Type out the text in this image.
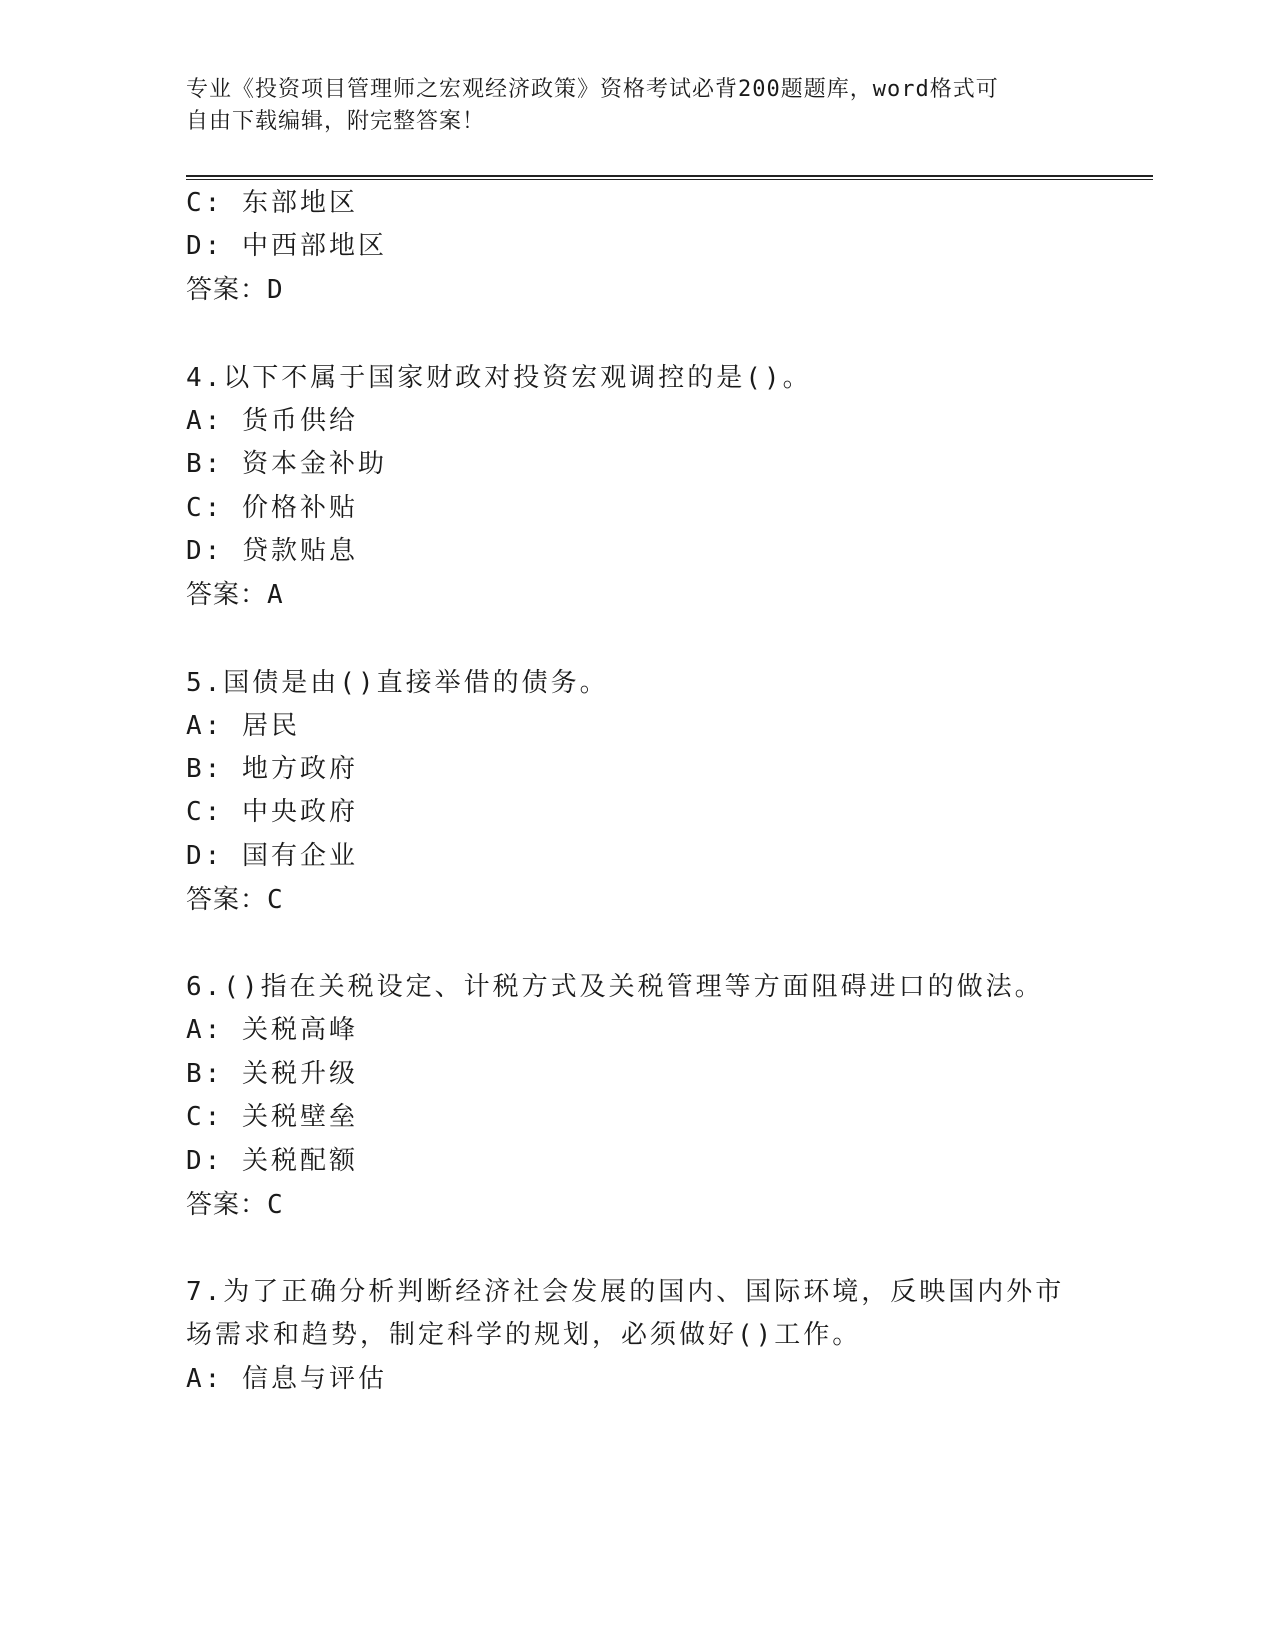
专业《投资项目管理师之宏观经济政策》资格考试必背200题题库，word格式可
自由下载编辑，附完整答案！
C: 东部地区
D: 中西部地区
答案：D
4.以下不属于国家财政对投资宏观调控的是()。
A: 货币供给
B: 资本金补助
C: 价格补贴
D: 贷款贴息
答案：A
5.国债是由()直接举借的债务。
A: 居民
B: 地方政府
C: 中央政府
D: 国有企业
答案：C
6.()指在关税设定、计税方式及关税管理等方面阻碍进口的做法。
A: 关税高峰
B: 关税升级
C: 关税壁垒
D: 关税配额
答案：C
7.为了正确分析判断经济社会发展的国内、国际环境，反映国内外市
场需求和趋势，制定科学的规划，必须做好()工作。
A: 信息与评估
